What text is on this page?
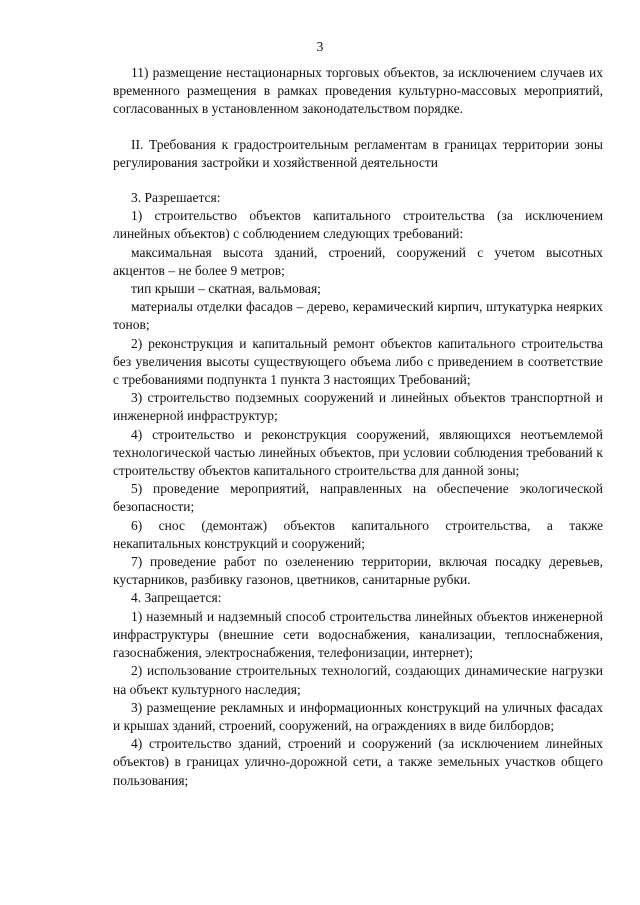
3

11) размещение нестационарных торговых объектов, за исключением случаев их временного размещения в рамках проведения культурно-массовых мероприятий, согласованных в установленном законодательством порядке.

II. Требования к градостроительным регламентам в границах территории зоны регулирования застройки и хозяйственной деятельности

3. Разрешается:

1) строительство объектов капитального строительства (за исключением линейных объектов) с соблюдением следующих требований:

максимальная высота зданий, строений, сооружений с учетом высотных акцентов – не более 9 метров;

тип крыши – скатная, вальмовая;

материалы отделки фасадов – дерево, керамический кирпич, штукатурка неярких тонов;

2) реконструкция и капитальный ремонт объектов капитального строительства без увеличения высоты существующего объема либо с приведением в соответствие с требованиями подпункта 1 пункта 3 настоящих Требований;

3) строительство подземных сооружений и линейных объектов транспортной и инженерной инфраструктур;

4) строительство и реконструкция сооружений, являющихся неотъемлемой технологической частью линейных объектов, при условии соблюдения требований к строительству объектов капитального строительства для данной зоны;

5) проведение мероприятий, направленных на обеспечение экологической безопасности;

6) снос (демонтаж) объектов капитального строительства, а также некапитальных конструкций и сооружений;

7) проведение работ по озеленению территории, включая посадку деревьев, кустарников, разбивку газонов, цветников, санитарные рубки.

4. Запрещается:

1) наземный и надземный способ строительства линейных объектов инженерной инфраструктуры (внешние сети водоснабжения, канализации, теплоснабжения, газоснабжения, электроснабжения, телефонизации, интернет);

2) использование строительных технологий, создающих динамические нагрузки на объект культурного наследия;

3) размещение рекламных и информационных конструкций на уличных фасадах и крышах зданий, строений, сооружений, на ограждениях в виде билбордов;

4) строительство зданий, строений и сооружений (за исключением линейных объектов) в границах улично-дорожной сети, а также земельных участков общего пользования;
